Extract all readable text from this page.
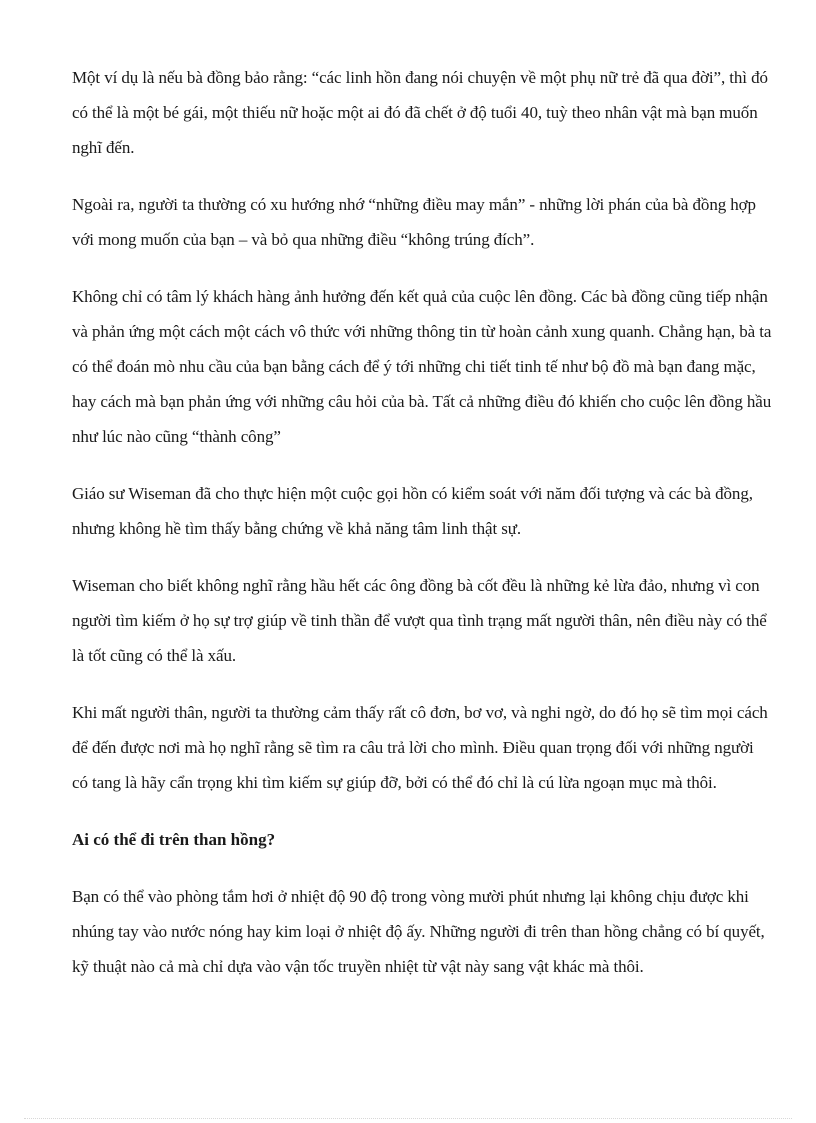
Một ví dụ là nếu bà đồng bảo rằng: “các linh hồn đang nói chuyện về một phụ nữ trẻ đã qua đời”, thì đó có thể là một bé gái, một thiếu nữ hoặc một ai đó đã chết ở độ tuổi 40, tuỳ theo nhân vật mà bạn muốn nghĩ đến.

Ngoài ra, người ta thường có xu hướng nhớ “những điều may mắn” - những lời phán của bà đồng hợp với mong muốn của bạn – và bỏ qua những điều “không trúng đích”.

Không chỉ có tâm lý khách hàng ảnh hưởng đến kết quả của cuộc lên đồng. Các bà đồng cũng tiếp nhận và phản ứng một cách một cách vô thức với những thông tin từ hoàn cảnh xung quanh. Chẳng hạn, bà ta có thể đoán mò nhu cầu của bạn bằng cách để ý tới những chi tiết tinh tế như bộ đồ mà bạn đang mặc, hay cách mà bạn phản ứng với những câu hỏi của bà. Tất cả những điều đó khiến cho cuộc lên đồng hầu như lúc nào cũng “thành công”

Giáo sư Wiseman đã cho thực hiện một cuộc gọi hồn có kiểm soát với năm đối tượng và các bà đồng, nhưng không hề tìm thấy bằng chứng về khả năng tâm linh thật sự.

Wiseman cho biết không nghĩ rằng hầu hết các ông đồng bà cốt đều là những kẻ lừa đảo, nhưng vì con người tìm kiếm ở họ sự trợ giúp về tinh thần để vượt qua tình trạng mất người thân, nên điều này có thể là tốt cũng có thể là xấu.

Khi mất người thân, người ta thường cảm thấy rất cô đơn, bơ vơ, và nghi ngờ, do đó họ sẽ tìm mọi cách để đến được nơi mà họ nghĩ rằng sẽ tìm ra câu trả lời cho mình. Điều quan trọng đối với những người có tang là hãy cẩn trọng khi tìm kiếm sự giúp đỡ, bởi có thể đó chỉ là cú lừa ngoạn mục mà thôi.

Ai có thể đi trên than hồng?

Bạn có thể vào phòng tắm hơi ở nhiệt độ 90 độ trong vòng mười phút nhưng lại không chịu được khi nhúng tay vào nước nóng hay kim loại ở nhiệt độ ấy. Những người đi trên than hồng chẳng có bí quyết, kỹ thuật nào cả mà chỉ dựa vào vận tốc truyền nhiệt từ vật này sang vật khác mà thôi.
